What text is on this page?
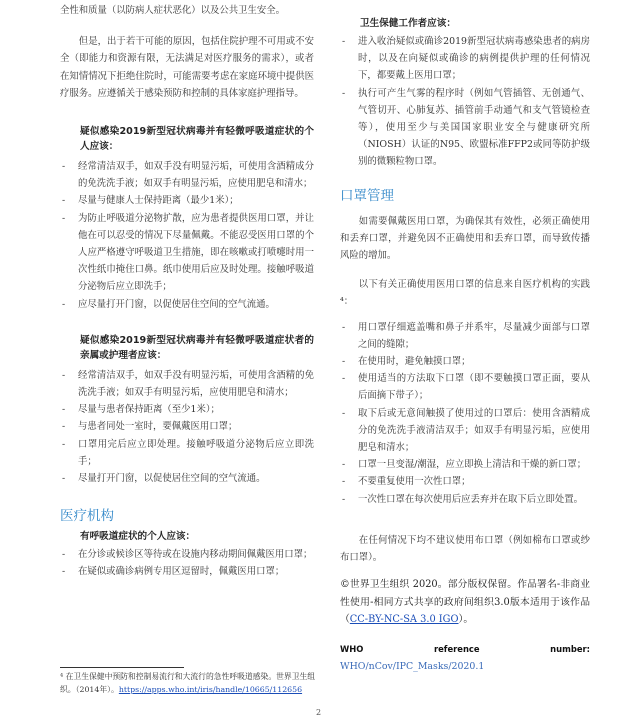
全性和质量（以防病人症状恶化）以及公共卫生安全。

但是，出于若干可能的原因，包括住院护理不可用或不安全（即能力和资源有限，无法满足对医疗服务的需求），或者在知情情况下拒绝住院时，可能需要考虑在家庭环境中提供医疗服务。应遵循关于感染预防和控制的具体家庭护理指导。

疑似感染2019新型冠状病毒并有轻微呼吸道症状的个人应该：

- 经常清洁双手，如双手没有明显污垢，可使用含酒精成分的免洗洗手液；如双手有明显污垢，应使用肥皂和清水；
- 尽量与健康人士保持距离（最少1米）；
- 为防止呼吸道分泌物扩散，应为患者提供医用口罩，并让他在可以忍受的情况下尽量佩戴。不能忍受医用口罩的个人应严格遵守呼吸道卫生措施，即在咳嗽或打喷嚏时用一次性纸巾掩住口鼻。纸巾使用后应及时处理。接触呼吸道分泌物后应立即洗手；
- 应尽量打开门窗，以促使居住空间的空气流通。

疑似感染2019新型冠状病毒并有轻微呼吸道症状者的亲属或护理者应该：

- 经常清洁双手，如双手没有明显污垢，可使用含酒精的免洗洗手液；如双手有明显污垢，应使用肥皂和清水；
- 尽量与患者保持距离（至少1米）；
- 与患者同处一室时，要佩戴医用口罩；
- 口罩用完后应立即处理。接触呼吸道分泌物后应立即洗手；
- 尽量打开门窗，以促使居住空间的空气流通。
医疗机构

有呼吸道症状的个人应该：

- 在分诊或候诊区等待或在设施内移动期间佩戴医用口罩；
- 在疑似或确诊病例专用区逗留时，佩戴医用口罩；

卫生保健工作者应该：

- 进入收治疑似或确诊2019新型冠状病毒感染患者的病房时，以及在向疑似或确诊的病例提供护理的任何情况下，都要戴上医用口罩；
- 执行可产生气雾的程序时（例如气管插管、无创通气、气管切开、心肺复苏、插管前手动通气和支气管镜检查等），使用至少与美国国家职业安全与健康研究所（NIOSH）认证的N95、欧盟标准FFP2或同等防护级别的微颗粒物口罩。
口罩管理

如需要佩戴医用口罩，为确保其有效性，必须正确使用和丢弃口罩，并避免因不正确使用和丢弃口罩，而导致传播风险的增加。

以下有关正确使用医用口罩的信息来自医疗机构的实践⁴：

- 用口罩仔细遮盖嘴和鼻子并系牢，尽量减少面部与口罩之间的缝隙；
- 在使用时，避免触摸口罩；
- 使用适当的方法取下口罩（即不要触摸口罩正面，要从后面摘下带子）；
- 取下后或无意间触摸了使用过的口罩后：使用含酒精成分的免洗洗手液清洁双手；如双手有明显污垢，应使用肥皂和清水；
- 口罩一旦变湿/潮湿，应立即换上清洁和干燥的新口罩；
- 不要重复使用一次性口罩；
- 一次性口罩在每次使用后应丢弃并在取下后立即处置。

在任何情况下均不建议使用布口罩（例如棉布口罩或纱布口罩）。

©世界卫生组织 2020。部分版权保留。作品署名-非商业性使用-相同方式共享的政府间组织3.0版本适用于该作品（CC-BY-NC-SA 3.0 IGO）。

WHO reference number: WHO/nCov/IPC_Masks/2020.1

⁴ 在卫生保健中预防和控制易流行和大流行的急性呼吸道感染。世界卫生组织。（2014年）。https://apps.who.int/iris/handle/10665/112656
2
